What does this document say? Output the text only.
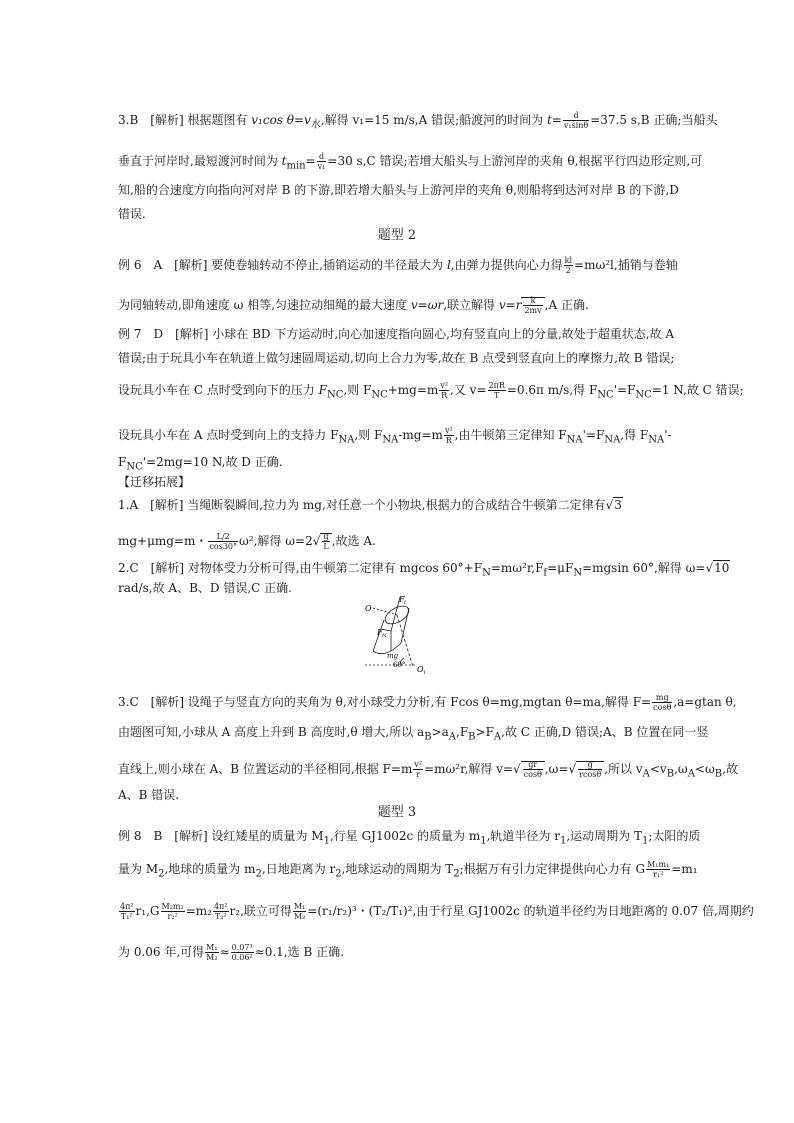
3.B　[解析] 根据题图有 v₁cos $\theta=v_水$,解得 v₁=15 m/s,A 错误;船渡河的时间为 $t= \frac{d}{\text{v₁sinθ}} =37.5$ s,B 正确;当船头
垂直于河岸时,最短渡河时间为 $t_{min}= \frac{d}{\text{v₁}} =30$ s,C 错误;若增大船头与上游河岸的夹角 θ,根据平行四边形定则,可
知,船的合速度方向指向河对岸 B 的下游,即若增大船头与上游河岸的夹角 θ,则船将到达河对岸 B 的下游,D
错误.
题型 2
例 6　A　[解析] 要使卷轴转动不停止,插销运动的半径最大为 l,由弹力提供向心力得 $\frac{kl}{2} =m\omega^2l$,插销与卷轴
为同轴转动,即角速度 ω 相等,匀速拉动细绳的最大速度 v=ωr,联立解得 $v=r \frac{k}{2mv} ,A$ 正确.
例 7　D　[解析] 小球在 BD 下方运动时,向心加速度指向圆心,均有竖直向上的分量,故处于超重状态,故 A
错误;由于玩具小车在轨道上做匀速圆周运动,切向上合力为零,故在 B 点受到竖直向上的摩擦力,故 B 错误;
设玩具小车在 C 点时受到向下的压力 $F_{NC}$,则 $F_{NC}+mg=m \frac{\text{v²}}{R}$ ,又 $v= \frac{2\pi R}{T} =0.6\pi$ m/s,得 $F_{NC}'=F_{NC}=1$ N,故 C 错误;
设玩具小车在 A 点时受到向上的支持力 $F_{NA}$,则 $F_{NA}-mg=m \frac{\text{v²}}{R}$ ,由牛顿第三定律知 $F_{NA}'=F_{NA}$,得 $F_{NA}'-$
$F_{NC}'=2mg=10$ N,故 D 正确.
【迁移拓展】
1.A　[解析] 当绳断裂瞬间,拉力为 mg,对任意一个小物块,根据力的合成结合牛顿第二定律有√3
mg+μmg=m・ $\frac{L/2}{\cos 30^\circ} \omega^2$,解得 $\omega=2√ \frac{g}{L}$ ,故选 A.
2.C　[解析] 对物体受力分析可得,由牛顿第二定律有 mgcos $60^\circ+F_N=m\omega^2r,F_f=\mu F_N=mgsin$ 60°,解得 ω=√10
rad/s,故 A、B、D 错误,C 正确.
O
F f
F N
mg
60° O 1
3.C　[解析] 设绳子与竖直方向的夹角为 θ,对小球受力分析,有 Fcos θ=mg,mgtan θ=ma,解得 $F= \frac{mg}{\cos\theta} ,a=gtan$ θ,
由题图可知,小球从 A 高度上升到 B 高度时,θ 增大,所以 $a_B>a_A,F_B>F_A$,故 C 正确,D 错误;A、B 位置在同一竖
直线上,则小球在 A、B 位置运动的半径相同,根据 $F=m \frac{\text{v²}}{r} =m\omega^2r$,解得 $v=√ \frac{gr}{\cos\theta} ,\omega=√ \frac{g}{rcos\theta}$ ,所以 $v_A<v_B,\omega_A<\omega_B$,故
A、B 错误.
题型 3
例 8　B　[解析] 设红矮星的质量为 $M_1$,行星 GJ1002c 的质量为 $m_1$,轨道半径为 $r_1$,运动周期为 $T_1$;太阳的质
量为 $M_2$,地球的质量为 $m_2$,日地距离为 $r_2$,地球运动的周期为 $T_2$;根据万有引力定律提供向心力有 G $\frac{\text{M₁m₁}}{\text{r₁²}} =m_1$
$\frac{\text{4π²}}{\text{T₁²}} r_1,G \frac{\text{M₂m₂}}{\text{r₂²}} =m_2 \frac{\text{4π²}}{\text{T₂²}} r_2$,联立可得 $\frac{\text{M₁}}{\text{M₂}} =(r_1/r_2)^3$・(T₂/T₁)²,由于行星 GJ1002c 的轨道半径约为日地距离的 0.07 倍,周期约
为 0.06 年,可得 $\frac{\text{M₁}}{\text{M₂}} \approx \frac{\text{0.07³}}{\text{0.06²}} \approx 0.1$,选 B 正确.
